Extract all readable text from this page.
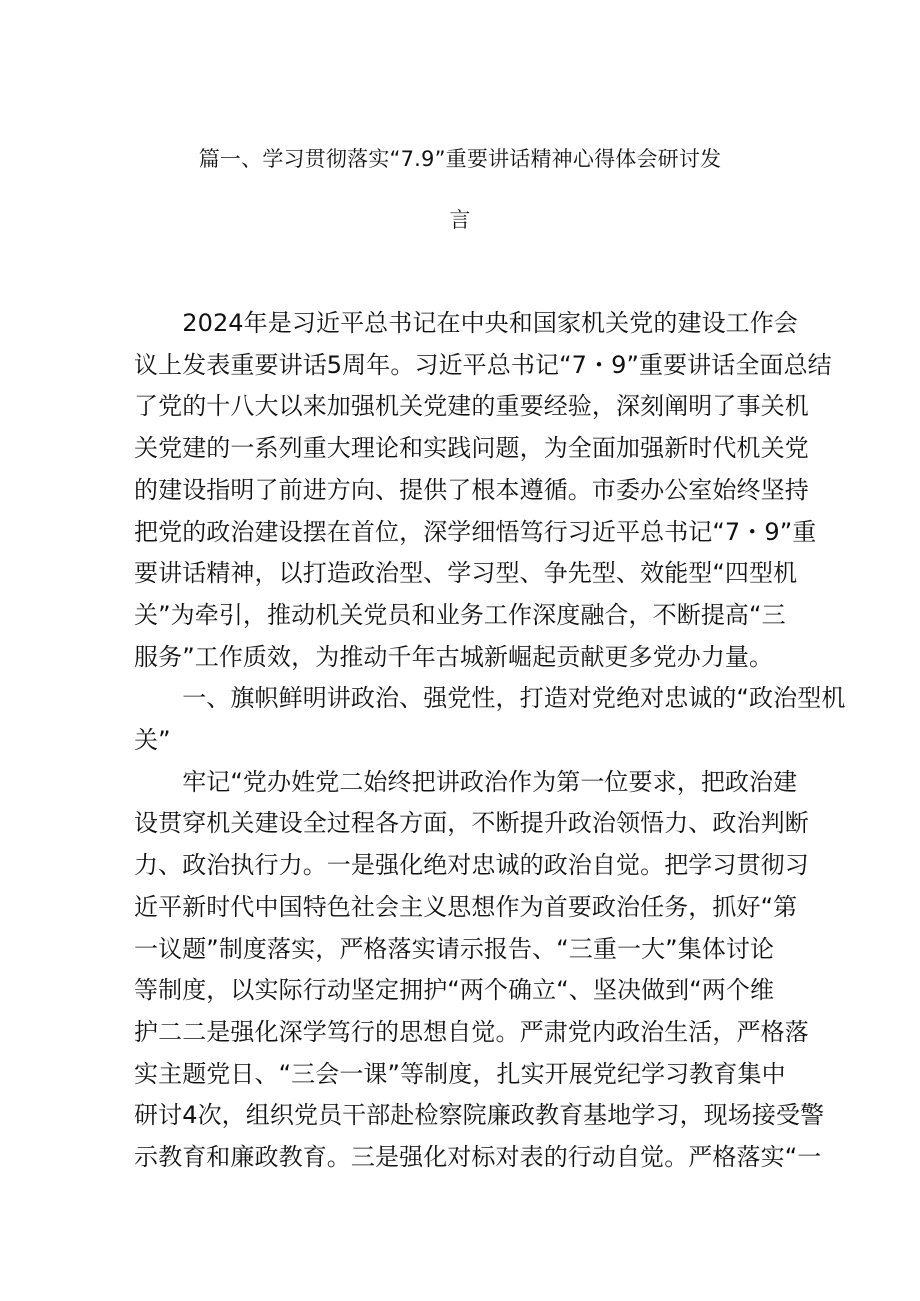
篇一、学习贯彻落实“7.9”重要讲话精神心得体会研讨发
言
　　2024年是习近平总书记在中央和国家机关党的建设工作会
议上发表重要讲话5周年。习近平总书记“7・9”重要讲话全面总结
了党的十八大以来加强机关党建的重要经验，深刻阐明了事关机
关党建的一系列重大理论和实践问题，为全面加强新时代机关党
的建设指明了前进方向、提供了根本遵循。市委办公室始终坚持
把党的政治建设摆在首位，深学细悟笃行习近平总书记“7・9”重
要讲话精神，以打造政治型、学习型、争先型、效能型“四型机
关”为牵引，推动机关党员和业务工作深度融合，不断提高“三
服务”工作质效，为推动千年古城新崛起贡献更多党办力量。
　　一、旗帜鲜明讲政治、强党性，打造对党绝对忠诚的“政治型机
关”
　　牢记“党办姓党二始终把讲政治作为第一位要求，把政治建
设贯穿机关建设全过程各方面，不断提升政治领悟力、政治判断
力、政治执行力。一是强化绝对忠诚的政治自觉。把学习贯彻习
近平新时代中国特色社会主义思想作为首要政治任务，抓好“第
一议题”制度落实，严格落实请示报告、“三重一大”集体讨论
等制度，以实际行动坚定拥护“两个确立“、坚决做到“两个维
护二二是强化深学笃行的思想自觉。严肃党内政治生活，严格落
实主题党日、“三会一课”等制度，扎实开展党纪学习教育集中
研讨4次，组织党员干部赴检察院廉政教育基地学习，现场接受警
示教育和廉政教育。三是强化对标对表的行动自觉。严格落实“一
